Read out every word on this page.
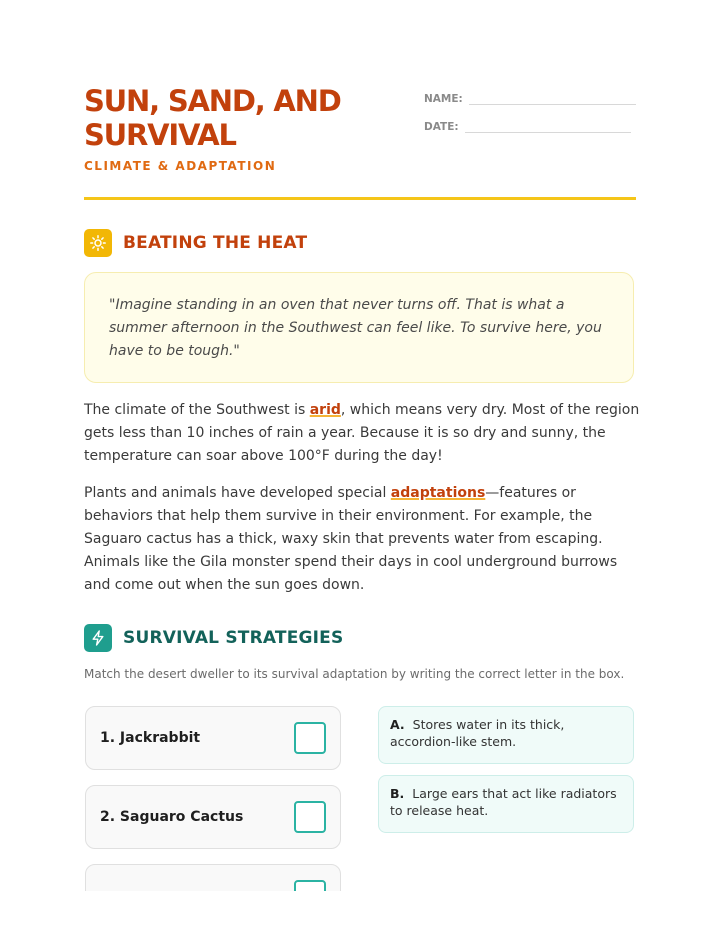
SUN, SAND, AND SURVIVAL
CLIMATE & ADAPTATION
NAME:
DATE:
BEATING THE HEAT
"Imagine standing in an oven that never turns off. That is what a summer afternoon in the Southwest can feel like. To survive here, you have to be tough."

The climate of the Southwest is arid, which means very dry. Most of the region gets less than 10 inches of rain a year. Because it is so dry and sunny, the temperature can soar above 100°F during the day!

Plants and animals have developed special adaptations—features or behaviors that help them survive in their environment. For example, the Saguaro cactus has a thick, waxy skin that prevents water from escaping. Animals like the Gila monster spend their days in cool underground burrows and come out when the sun goes down.

SURVIVAL STRATEGIES
Match the desert dweller to its survival adaptation by writing the correct letter in the box.
1. Jackrabbit
2. Saguaro Cactus
A. Stores water in its thick, accordion-like stem.
B. Large ears that act like radiators to release heat.
